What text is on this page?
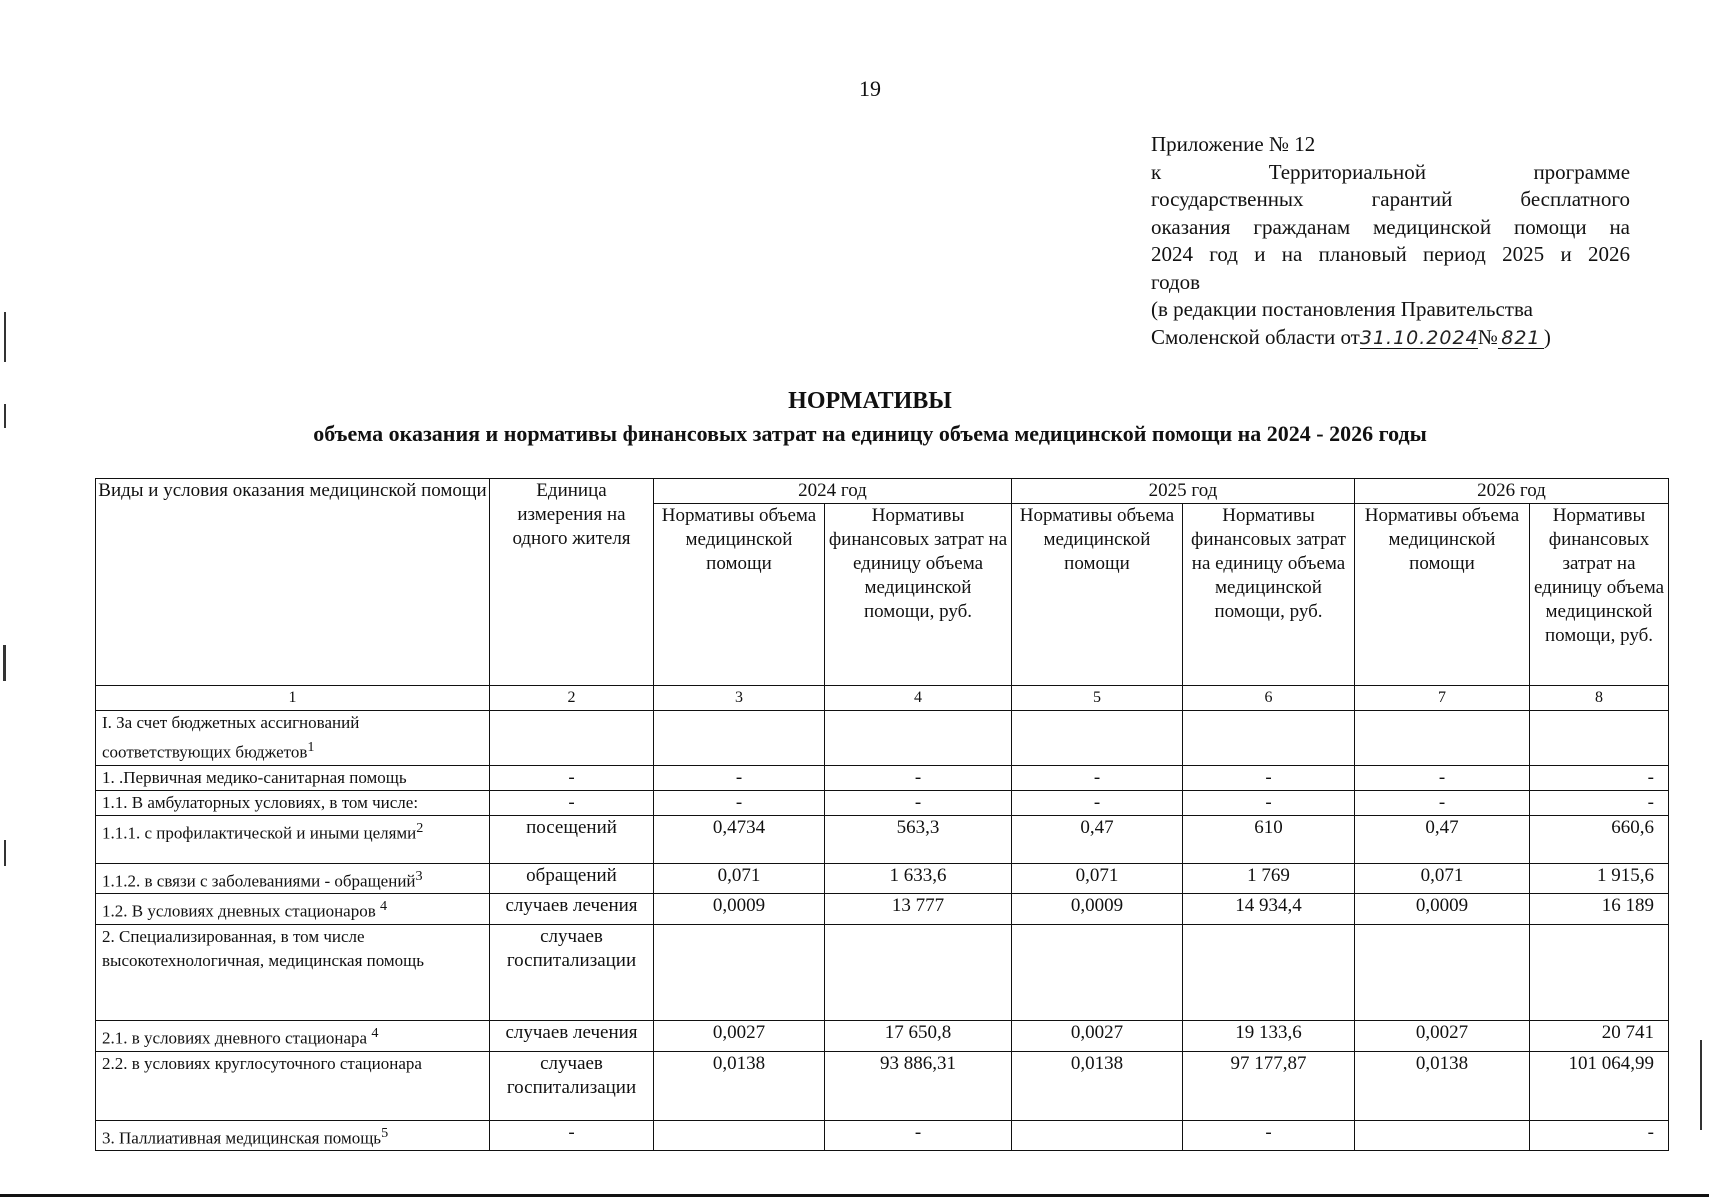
19
Приложение № 12
к	Территориальной	программе
государственных гарантий бесплатного
оказания гражданам медицинской помощи на
2024 год и на плановый период 2025 и 2026
годов
(в редакции постановления Правительства
Смоленской области от31.10.2024№ 821 )
НОРМАТИВЫ
объема оказания и нормативы финансовых затрат на единицу объема медицинской помощи на 2024 - 2026 годы
Виды и условия оказания медицинской помощи	Единица измерения на одного жителя	2024 год		2025 год		2026 год	
		Нормативы объема медицинской помощи	Нормативы финансовых затрат на единицу объема медицинской помощи, руб.	Нормативы объема медицинской помощи	Нормативы финансовых затрат на единицу объема медицинской помощи, руб.	Нормативы объема медицинской помощи	Нормативы финансовых затрат на единицу объема медицинской помощи, руб.
1	2	3	4	5	6	7	8
I. За счет бюджетных ассигнований соответствующих бюджетов$^1$							
1. .Первичная медико-санитарная помощь	-	-	-	-	-	-	-
1.1. В амбулаторных условиях, в том числе:	-	-	-	-	-	-	-
1.1.1. с профилактической и иными целями$^2$	посещений	0,4734	563,3	0,47	610	0,47	660,6
1.1.2. в связи с заболеваниями - обращений$^3$	обращений	0,071	1 633,6	0,071	1 769	0,071	1 915,6
1.2. В условиях дневных стационаров $^4$	случаев лечения	0,0009	13 777	0,0009	14 934,4	0,0009	16 189
2. Специализированная, в том числе высокотехнологичная, медицинская помощь	случаев госпитализации						
2.1. в условиях дневного стационара $^4$	случаев лечения	0,0027	17 650,8	0,0027	19 133,6	0,0027	20 741
2.2. в условиях круглосуточного стационара	случаев госпитализации	0,0138	93 886,31	0,0138	97 177,87	0,0138	101 064,99
3. Паллиативная медицинская помощь$^5$	-		-		-		-
